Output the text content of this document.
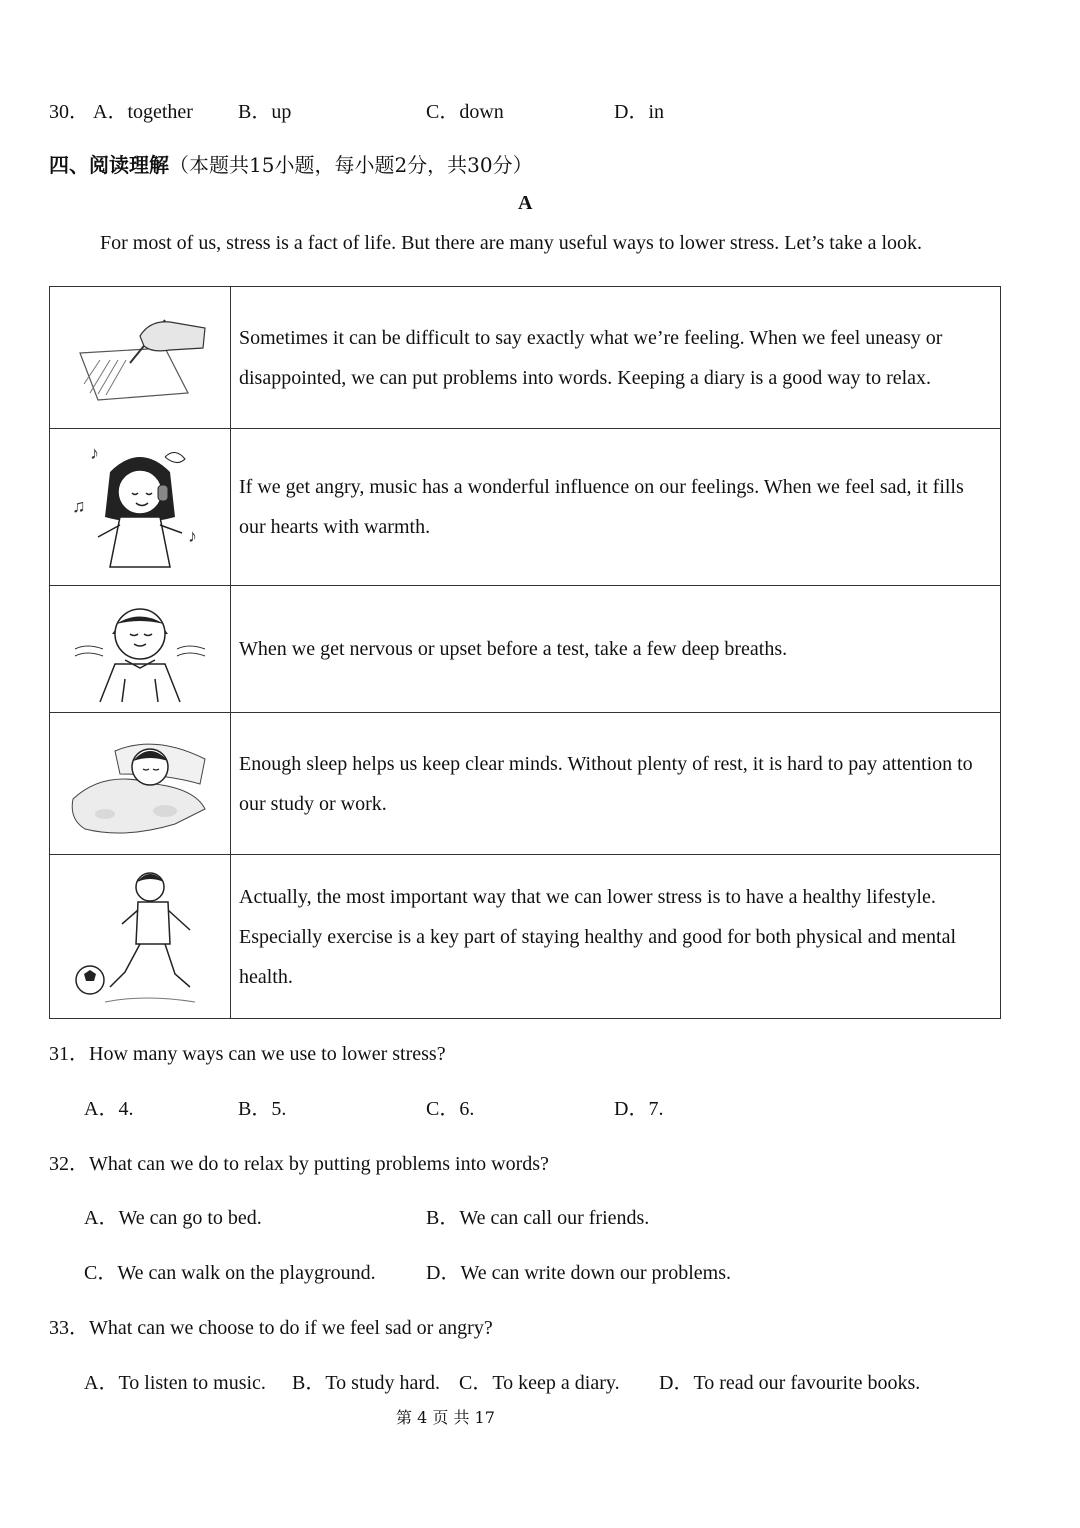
30． A．together B．up	C．down	D．in
四、阅读理解（本题共15小题，每小题2分，共30分）
A
For most of us, stress is a fact of life. But there are many useful ways to lower stress. Let’s take a look.
	Sometimes it can be difficult to say exactly what we’re feeling. When we feel uneasy or disappointed, we can put problems into words. Keeping a diary is a good way to relax.

♪
♫
♪	If we get angry, music has a wonderful influence on our feelings. When we feel sad, it fills our hearts with warmth.

	When we get nervous or upset before a test, take a few deep breaths.

	Enough sleep helps us keep clear minds. Without plenty of rest, it is hard to pay attention to our study or work.

	Actually, the most important way that we can lower stress is to have a healthy lifestyle. Especially exercise is a key part of staying healthy and good for both physical and mental health.
31．How many ways can we use to lower stress?
A．4.	B．5.	C．6.	D．7.
32．What can we do to relax by putting problems into words?
A．We can go to bed.	B．We can call our friends.
C．We can walk on the playground.	D．We can write down our problems.
33．What can we choose to do if we feel sad or angry?
A．To listen to music. B．To study hard. C．To keep a diary. D．To read our favourite books.
第 4 页 共 17
